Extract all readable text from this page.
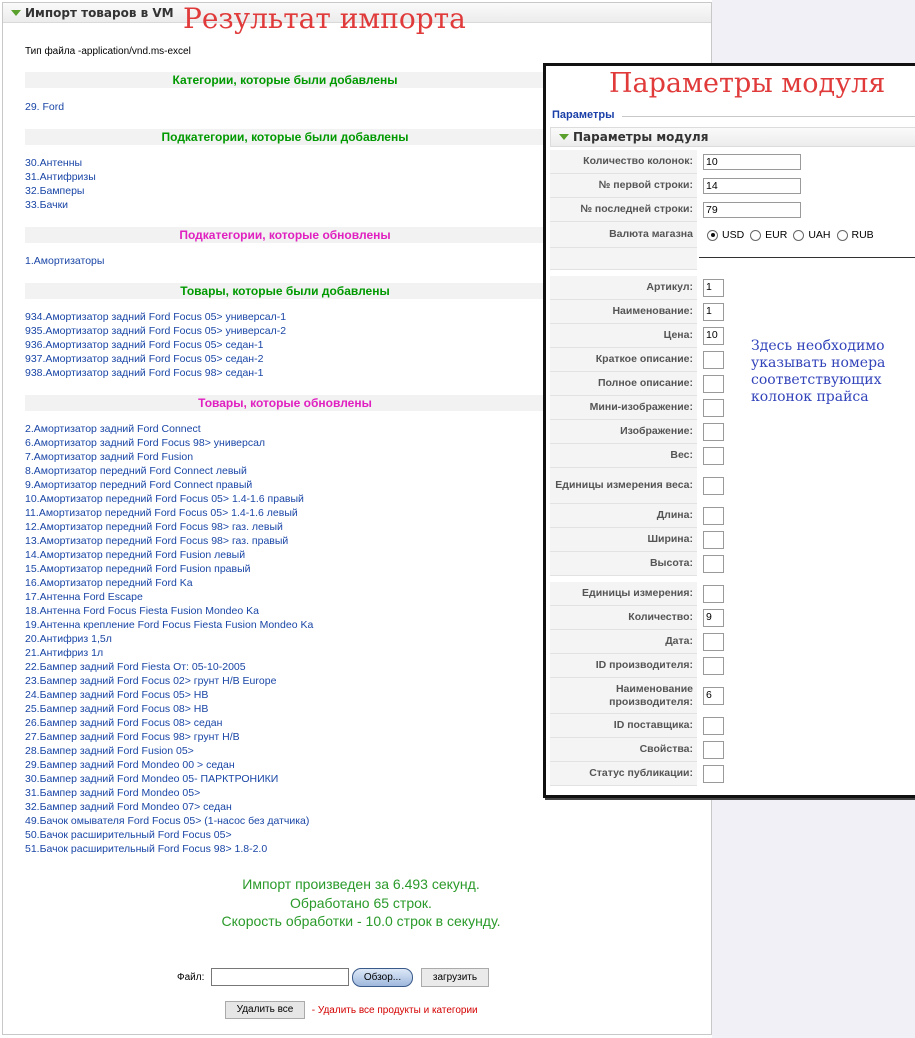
Импорт товаров в VM
Тип файла -application/vnd.ms-excel
Категории, которые были добавлены
29. Ford
Подкатегории, которые были добавлены
30.Антенны
31.Антифризы
32.Бамперы
33.Бачки
Подкатегории, которые обновлены
1.Амортизаторы
Товары, которые были добавлены
934.Амортизатор задний Ford Focus 05> универсал-1
935.Амортизатор задний Ford Focus 05> универсал-2
936.Амортизатор задний Ford Focus 05> седан-1
937.Амортизатор задний Ford Focus 05> седан-2
938.Амортизатор задний Ford Focus 98> седан-1
Товары, которые обновлены
2.Амортизатор задний Ford Connect
6.Амортизатор задний Ford Focus 98> универсал
7.Амортизатор задний Ford Fusion
8.Амортизатор передний Ford Connect левый
9.Амортизатор передний Ford Connect правый
10.Амортизатор передний Ford Focus 05> 1.4-1.6 правый
11.Амортизатор передний Ford Focus 05> 1.4-1.6 левый
12.Амортизатор передний Ford Focus 98> газ. левый
13.Амортизатор передний Ford Focus 98> газ. правый
14.Амортизатор передний Ford Fusion левый
15.Амортизатор передний Ford Fusion правый
16.Амортизатор передний Ford Ka
17.Антенна Ford Escape
18.Антенна Ford Focus Fiesta Fusion Mondeo Ka
19.Антенна крепление Ford Focus Fiesta Fusion Mondeo Ka
20.Антифриз 1,5л
21.Антифриз 1л
22.Бампер задний Ford Fiesta От: 05-10-2005
23.Бампер задний Ford Focus 02> грунт H/B Europe
24.Бампер задний Ford Focus 05> HB
25.Бампер задний Ford Focus 08> HB
26.Бампер задний Ford Focus 08> седан
27.Бампер задний Ford Focus 98> грунт H/B
28.Бампер задний Ford Fusion 05>
29.Бампер задний Ford Mondeo 00 > седан
30.Бампер задний Ford Mondeo 05- ПАРКТРОНИКИ
31.Бампер задний Ford Mondeo 05>
32.Бампер задний Ford Mondeo 07> седан
49.Бачок омывателя Ford Focus 05> (1-насос без датчика)
50.Бачок расширительный Ford Focus 05>
51.Бачок расширительный Ford Focus 98> 1.8-2.0
Импорт произведен за 6.493 секунд.
Обработано 65 строк.
Скорость обработки - 10.0 строк в секунду.
Файл:	Обзор...	загрузить
Удалить все - Удалить все продукты и категории
Результат импорта
Параметры модуля
Параметры
Параметры модуля
Количество колонок: 10
№ первой строки: 14
№ последней строки: 79
Валюта магазна	USD EUR UAH RUB
Артикул: 1
Наименование: 1
Цена: 10
Краткое описание:
Полное описание:
Мини-изображение:
Изображение:
Вес:
Единицы измерения веса:
Длина:
Ширина:
Высота:
Единицы измерения:
Количество: 9
Дата:
ID производителя:
Наименование производителя:
6
ID поставщика:
Свойства:
Статус публикации:
Здесь необходимо
указывать номера
соответствующих
колонок прайса
